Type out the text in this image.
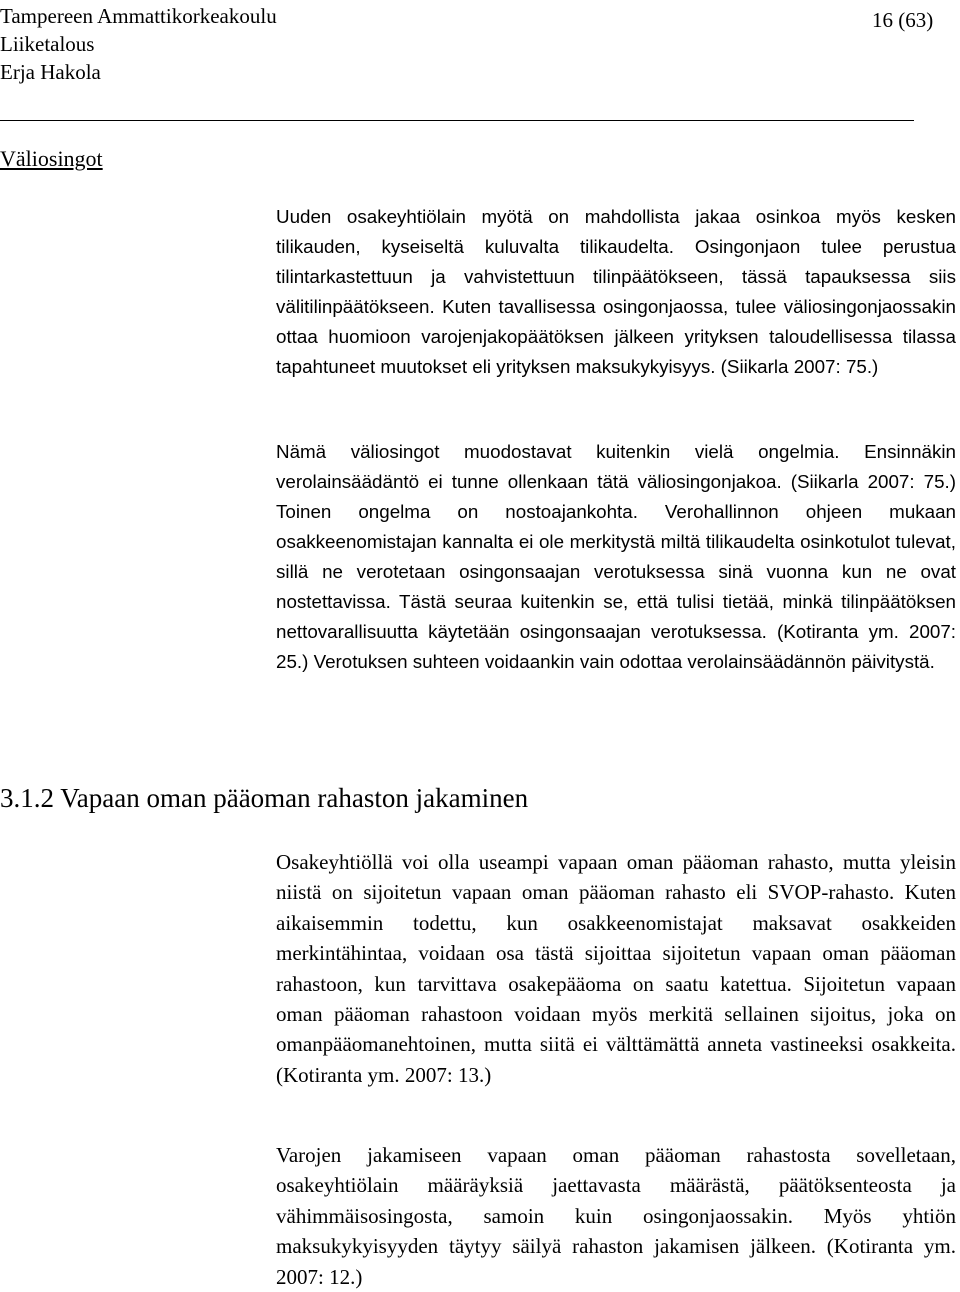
Tampereen Ammattikorkeakoulu
Liiketalous
Erja Hakola
16 (63)
Väliosingot

Uuden osakeyhtiölain myötä on mahdollista jakaa osinkoa myös kesken tilikauden, kyseiseltä kuluvalta tilikaudelta. Osingonjaon tulee perustua tilintarkastettuun ja vahvistettuun tilinpäätökseen, tässä tapauksessa siis välitilinpäätökseen. Kuten tavallisessa osingonjaossa, tulee väliosingonjaossakin ottaa huomioon varojenjakopäätöksen jälkeen yrityksen taloudellisessa tilassa tapahtuneet muutokset eli yrityksen maksukykyisyys. (Siikarla 2007: 75.)

Nämä väliosingot muodostavat kuitenkin vielä ongelmia. Ensinnäkin verolainsäädäntö ei tunne ollenkaan tätä väliosingonjakoa. (Siikarla 2007: 75.) Toinen ongelma on nostoajankohta. Verohallinnon ohjeen mukaan osakkeenomistajan kannalta ei ole merkitystä miltä tilikaudelta osinkotulot tulevat, sillä ne verotetaan osingonsaajan verotuksessa sinä vuonna kun ne ovat nostettavissa. Tästä seuraa kuitenkin se, että tulisi tietää, minkä tilinpäätöksen nettovarallisuutta käytetään osingonsaajan verotuksessa. (Kotiranta ym. 2007: 25.) Verotuksen suhteen voidaankin vain odottaa verolainsäädännön päivitystä.

3.1.2 Vapaan oman pääoman rahaston jakaminen

Osakeyhtiöllä voi olla useampi vapaan oman pääoman rahasto, mutta yleisin niistä on sijoitetun vapaan oman pääoman rahasto eli SVOP-rahasto. Kuten aikaisemmin todettu, kun osakkeenomistajat maksavat osakkeiden merkintähintaa, voidaan osa tästä sijoittaa sijoitetun vapaan oman pääoman rahastoon, kun tarvittava osakepääoma on saatu katettua. Sijoitetun vapaan oman pääoman rahastoon voidaan myös merkitä sellainen sijoitus, joka on omanpääomanehtoinen, mutta siitä ei välttämättä anneta vastineeksi osakkeita. (Kotiranta ym. 2007: 13.)

Varojen jakamiseen vapaan oman pääoman rahastosta sovelletaan, osakeyhtiölain määräyksiä jaettavasta määrästä, päätöksenteosta ja vähimmäisosingosta, samoin kuin osingonjaossakin. Myös yhtiön maksukykyisyyden täytyy säilyä rahaston jakamisen jälkeen. (Kotiranta ym. 2007: 12.)
